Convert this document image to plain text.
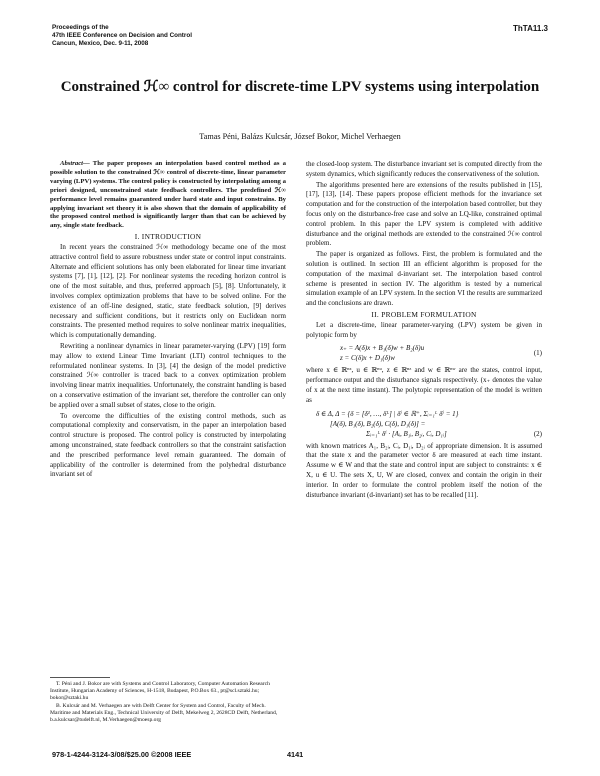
Proceedings of the
47th IEEE Conference on Decision and Control
Cancun, Mexico, Dec. 9-11, 2008
ThTA11.3
Constrained ℋ∞ control for discrete-time LPV systems using interpolation
Tamas Péni, Balázs Kulcsár, József Bokor, Michel Verhaegen

Abstract— The paper proposes an interpolation based control method as a possible solution to the constrained ℋ∞ control of discrete-time, linear parameter varying (LPV) systems. The control policy is constructed by interpolating among a priori designed, unconstrained state feedback controllers. The predefined ℋ∞ performance level remains guaranteed under hard state and input constrains. By applying invariant set theory it is also shown that the domain of applicability of the proposed control method is significantly larger than that can be achieved by any, single state feedback.

I. INTRODUCTION

In recent years the constrained ℋ∞ methodology became one of the most attractive control field to assure robustness under state or control input constraints. Alternate and efficient solutions has only been elaborated for linear time invariant systems [7], [1], [12], [2]. For nonlinear systems the receding horizon control is one of the most suitable, and thus, preferred approach [5], [8]. Unfortunately, it involves complex optimization problems that have to be solved online. For the existence of an off-line designed, static, state feedback solution, [9] derives necessary and sufficient conditions, but it restricts only on Euclidean norm constraints. The presented method requires to solve nonlinear matrix inequalities, which is computationally demanding.

Rewriting a nonlinear dynamics in linear parameter-varying (LPV) [19] form may allow to extend Linear Time Invariant (LTI) control techniques to the reformulated nonlinear systems. In [3], [4] the design of the model predictive constrained ℋ∞ controller is traced back to a convex optimization problem involving linear matrix inequalities. Unfortunately, the constraint handling is based on a conservative estimation of the invariant set, therefore the controller can only be applied over a small subset of states, close to the origin.

To overcome the difficulties of the existing control methods, such as computational complexity and conservatism, in the paper an interpolation based control structure is proposed. The control policy is constructed by interpolating among unconstrained, state feedback controllers so that the constraint satisfaction and the prescribed performance level remain guaranteed. The domain of applicability of the controller is determined from the polyhedral disturbance invariant set of

T. Péni and J. Bokor are with Systems and Control Laboratory, Computer Automation Research Institute, Hungarian Academy of Sciences, H-1518, Budapest, P.O.Box 63., pt@scl.sztaki.hu; bokor@sztaki.hu

B. Kulcsár and M. Verhaegen are with Delft Center for System and Control, Faculty of Mech. Maritime and Materials Eng., Technical University of Delft, Mekelweg 2, 2628CD Delft, Netherland, b.a.kulcsar@tudelft.nl, M.Verhaegen@moesp.org

the closed-loop system. The disturbance invariant set is computed directly from the system dynamics, which significantly reduces the conservativeness of the solution.

The algorithms presented here are extensions of the results published in [15], [17], [13], [14]. These papers propose efficient methods for the invariance set computation and for the construction of the interpolation based controller, but they focus only on the disturbance-free case and solve an LQ-like, constrained optimal control problem. In this paper the LPV system is completed with additive disturbance and the original methods are extended to the constrained ℋ∞ control problem.

The paper is organized as follows. First, the problem is formulated and the solution is outlined. In section III an efficient algorithm is proposed for the computation of the maximal d-invariant set. The interpolation based control scheme is presented in section IV. The algorithm is tested by a numerical simulation example of an LPV system. In the section VI the results are summarized and the conclusions are drawn.

II. PROBLEM FORMULATION

Let a discrete-time, linear parameter-varying (LPV) system be given in polytopic form by

x₊ = A(δ)x + B₁(δ)w + B₂(δ)u
z = C(δ)x + D₁(δ)w
(1)

where x ∈ ℝⁿˣ, u ∈ ℝⁿᵘ, z ∈ ℝⁿᶻ and w ∈ ℝⁿʷ are the states, control input, performance output and the disturbance signals respectively. (x₊ denotes the value of x at the next time instant). The polytopic representation of the model is written as

δ ∈ Δ, Δ = {δ = [δ¹, …, δᴸ] | δⁱ ∈ ℝ⁺, Σᵢ₌₁ᴸ δⁱ = 1}
[A(δ), B₁(δ), B₂(δ), C(δ), D₁(δ)] =
Σᵢ₌₁ᴸ δⁱ · [Aᵢ, B₁ᵢ, B₂ᵢ, Cᵢ, D₁ᵢ]	(2)

with known matrices A₁, B₂ᵢ, Cᵢ, D₁ᵢ, D₂ᵢ of appropriate dimension. It is assumed that the state x and the parameter vector δ are measured at each time instant. Assume w ∈ W and that the state and control input are subject to constraints: x ∈ X, u ∈ U. The sets X, U, W are closed, convex and contain the origin in their interior. In order to formulate the control problem itself the notion of the disturbance invariant (d-invariant) set has to be recalled [11].

978-1-4244-3124-3/08/$25.00 ©2008 IEEE	4141
